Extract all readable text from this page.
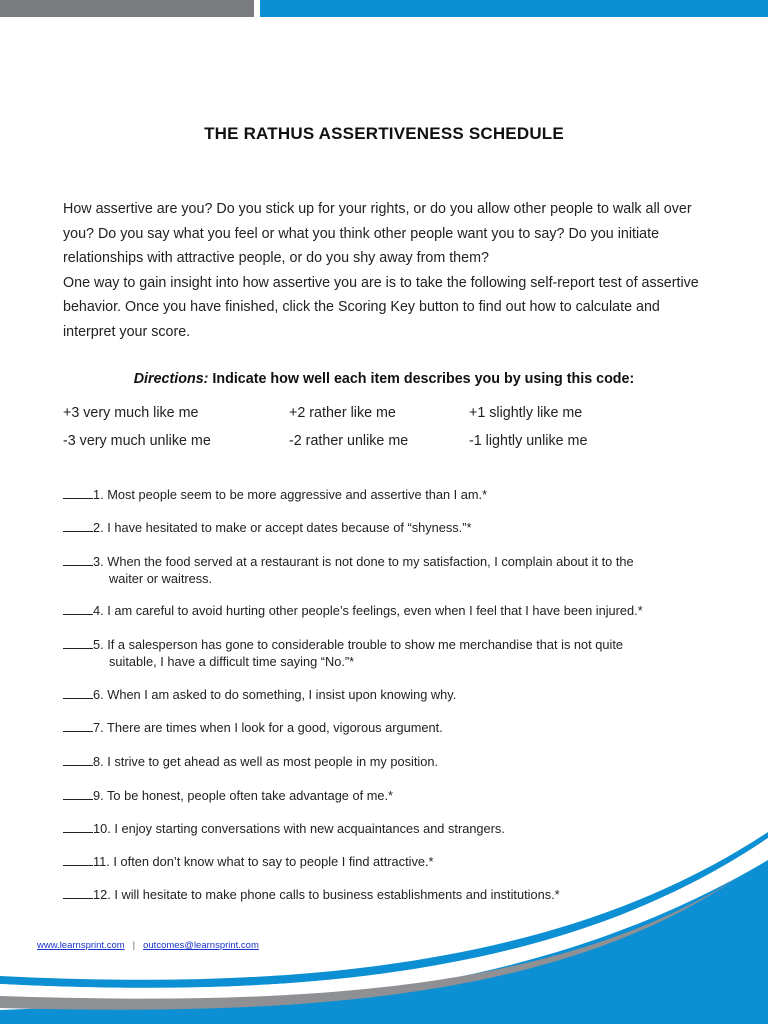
THE RATHUS ASSERTIVENESS SCHEDULE

How assertive are you? Do you stick up for your rights, or do you allow other people to walk all over you? Do you say what you feel or what you think other people want you to say? Do you initiate relationships with attractive people, or do you shy away from them?

One way to gain insight into how assertive you are is to take the following self-report test of assertive behavior. Once you have finished, click the Scoring Key button to find out how to calculate and interpret your score.

Directions: Indicate how well each item describes you by using this code:
+3 very much like me	+2 rather like me	+1 slightly like me
-3 very much unlike me	-2 rather unlike me	-1 lightly unlike me
1. Most people seem to be more aggressive and assertive than I am.*
2. I have hesitated to make or accept dates because of “shyness.”*
3. When the food served at a restaurant is not done to my satisfaction, I complain about it to the
waiter or waitress.
4. I am careful to avoid hurting other people’s feelings, even when I feel that I have been injured.*
5. If a salesperson has gone to considerable trouble to show me merchandise that is not quite
suitable, I have a difficult time saying “No.”*
6. When I am asked to do something, I insist upon knowing why.
7. There are times when I look for a good, vigorous argument.
8. I strive to get ahead as well as most people in my position.
9. To be honest, people often take advantage of me.*
10. I enjoy starting conversations with new acquaintances and strangers.
11. I often don’t know what to say to people I find attractive.*
12. I will hesitate to make phone calls to business establishments and institutions.*
www.learnsprint.com | outcomes@learnsprint.com
